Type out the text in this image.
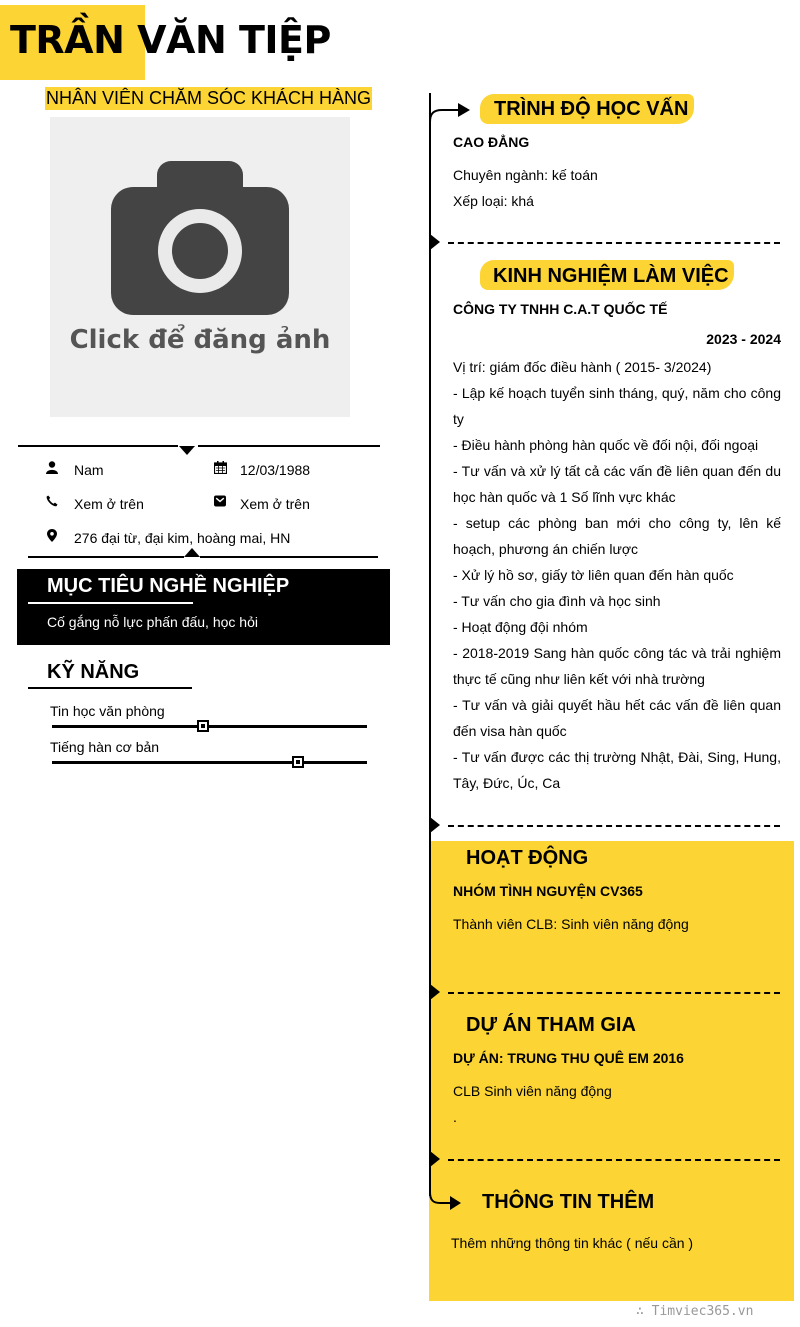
TRẦN VĂN TIỆP
NHÂN VIÊN CHĂM SÓC KHÁCH HÀNG
Click để đăng ảnh
Nam	12/03/1988
Xem ở trên	Xem ở trên
276 đại từ, đại kim, hoàng mai, HN
MỤC TIÊU NGHỀ NGHIỆP
Cố gắng nỗ lực phấn đấu, học hỏi
KỸ NĂNG
Tin học văn phòng
Tiếng hàn cơ bản
TRÌNH ĐỘ HỌC VẤN
CAO ĐẲNG
Chuyên ngành: kế toán
Xếp loại: khá
KINH NGHIỆM LÀM VIỆC
CÔNG TY TNHH C.A.T QUỐC TẾ
2023 - 2024
Vị trí: giám đốc điều hành ( 2015- 3/2024)
- Lập kế hoạch tuyển sinh tháng, quý, năm cho công ty
- Điều hành phòng hàn quốc về đối nội, đối ngoại
- Tư vấn và xử lý tất cả các vấn đề liên quan đến du học hàn quốc và 1 Số lĩnh vực khác
- setup các phòng ban mới cho công ty, lên kế hoạch, phương án chiến lược
- Xử lý hồ sơ, giấy tờ liên quan đến hàn quốc
- Tư vấn cho gia đình và học sinh
- Hoạt động đội nhóm
- 2018-2019 Sang hàn quốc công tác và trải nghiệm thực tế cũng như liên kết với nhà trường
- Tư vấn và giải quyết hầu hết các vấn đề liên quan đến visa hàn quốc
- Tư vấn được các thị trường Nhật, Đài, Sing, Hung, Tây, Đức, Úc, Ca
HOẠT ĐỘNG
NHÓM TÌNH NGUYỆN CV365
Thành viên CLB: Sinh viên năng động
DỰ ÁN THAM GIA
DỰ ÁN: TRUNG THU QUÊ EM 2016
CLB Sinh viên năng động
.
THÔNG TIN THÊM
Thêm những thông tin khác ( nếu cần )
∴ Timviec365.vn
